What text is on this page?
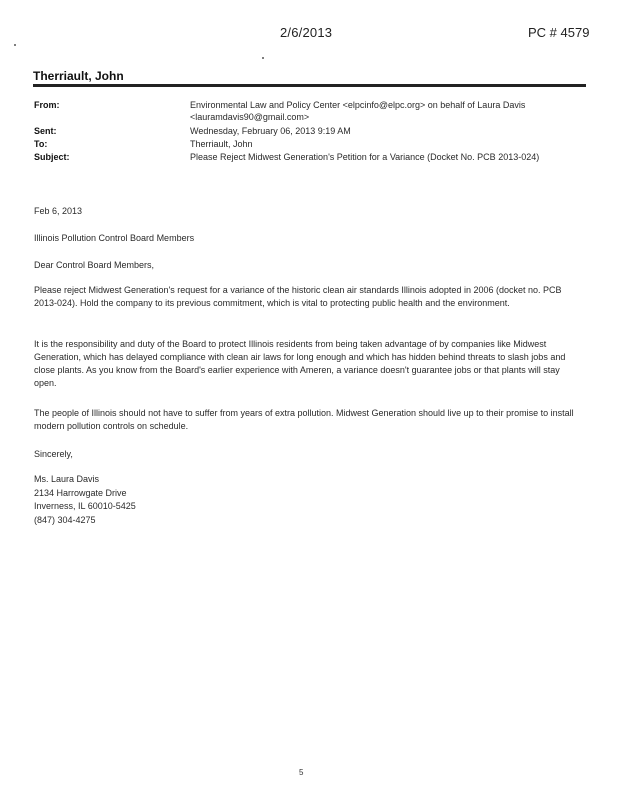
2/6/2013	PC # 4579
Therriault, John
From:	Environmental Law and Policy Center <elpcinfo@elpc.org> on behalf of Laura Davis
<lauramdavis90@gmail.com>
Sent:	Wednesday, February 06, 2013 9:19 AM
To:	Therriault, John
Subject:	Please Reject Midwest Generation's Petition for a Variance (Docket No. PCB 2013-024)
Feb 6, 2013
Illinois Pollution Control Board Members
Dear Control Board Members,

Please reject Midwest Generation's request for a variance of the historic clean air standards Illinois adopted in 2006 (docket no. PCB 2013-024). Hold the company to its previous commitment, which is vital to protecting public health and the environment.

It is the responsibility and duty of the Board to protect Illinois residents from being taken advantage of by companies like Midwest Generation, which has delayed compliance with clean air laws for long enough and which has hidden behind threats to slash jobs and close plants. As you know from the Board's earlier experience with Ameren, a variance doesn't guarantee jobs or that plants will stay open.

The people of Illinois should not have to suffer from years of extra pollution. Midwest Generation should live up to their promise to install modern pollution controls on schedule.

Sincerely,
Ms. Laura Davis
2134 Harrowgate Drive
Inverness, IL 60010-5425
(847) 304-4275
5
